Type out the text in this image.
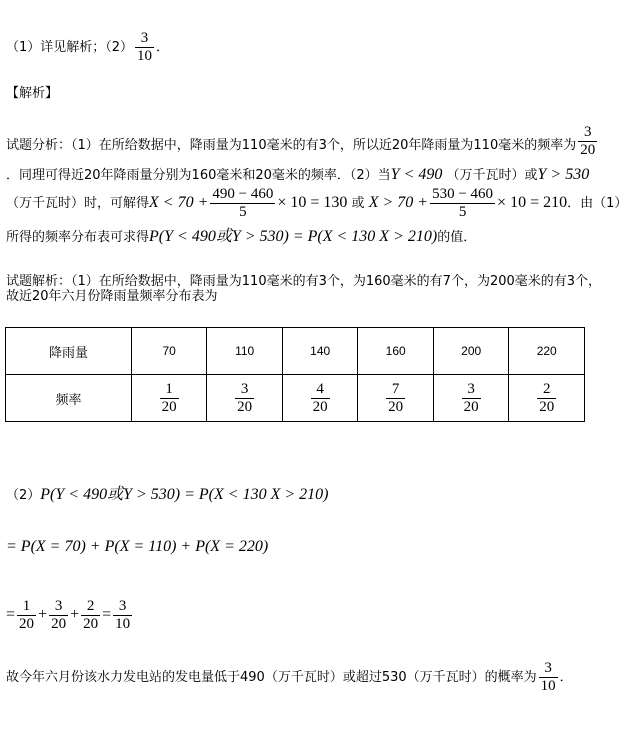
（1）详见解析；$(2) \frac{3}{10}$ ．
【解析】
试题分析：（1）在所给数据中，降雨量为110毫米的有3个，所以近20年降雨量为110毫米的频率为 $\frac{3}{20}$
．同理可得近20年降雨量分别为160毫米和20毫米的频率．（2）当Y < 490 （万千瓦时）或Y > 530
（万千瓦时）时，可解得$X < 70 + \frac{490 - 460}{5} \times 10 = 130$ 或 $X > 70 + \frac{530 - 460}{5} \times 10 = 210$．由（1）
所得的频率分布表可求得P(Y < 490或Y > 530) = P(X < 130 X > 210)的值．
试题解析：（1）在所给数据中，降雨量为110毫米的有3个，为160毫米的有7个，为200毫米的有3个，
故近20年六月份降雨量频率分布表为
降雨量	70	110	140	160	200	220
频率	$\frac{1}{20}$	$\frac{3}{20}$	$\frac{4}{20}$	$\frac{7}{20}$	$\frac{3}{20}$	$\frac{2}{20}$
（2）P(Y < 490或Y > 530) = P(X < 130 X > 210)
= P(X = 70) + P(X = 110) + P(X = 220)
= $\frac{1}{20} + \frac{3}{20} + \frac{2}{20} = \frac{3}{10}$
故今年六月份该水力发电站的发电量低于490（万千瓦时）或超过530（万千瓦时）的概率为 $\frac{3}{10}$ ．
